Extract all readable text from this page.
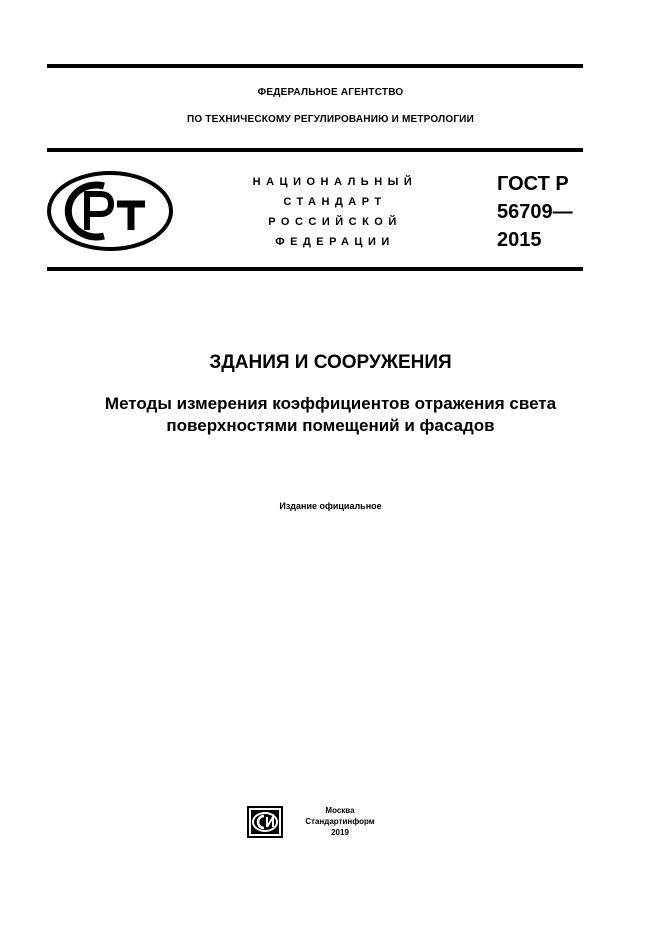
ФЕДЕРАЛЬНОЕ АГЕНТСТВО
ПО ТЕХНИЧЕСКОМУ РЕГУЛИРОВАНИЮ И МЕТРОЛОГИИ
НАЦИОНАЛЬНЫЙ
СТАНДАРТ
РОССИЙСКОЙ
ФЕДЕРАЦИИ
ГОСТ Р
56709—
2015
ЗДАНИЯ И СООРУЖЕНИЯ
Методы измерения коэффициентов отражения света
поверхностями помещений и фасадов
Издание официальное
Москва
Стандартинформ
2019
